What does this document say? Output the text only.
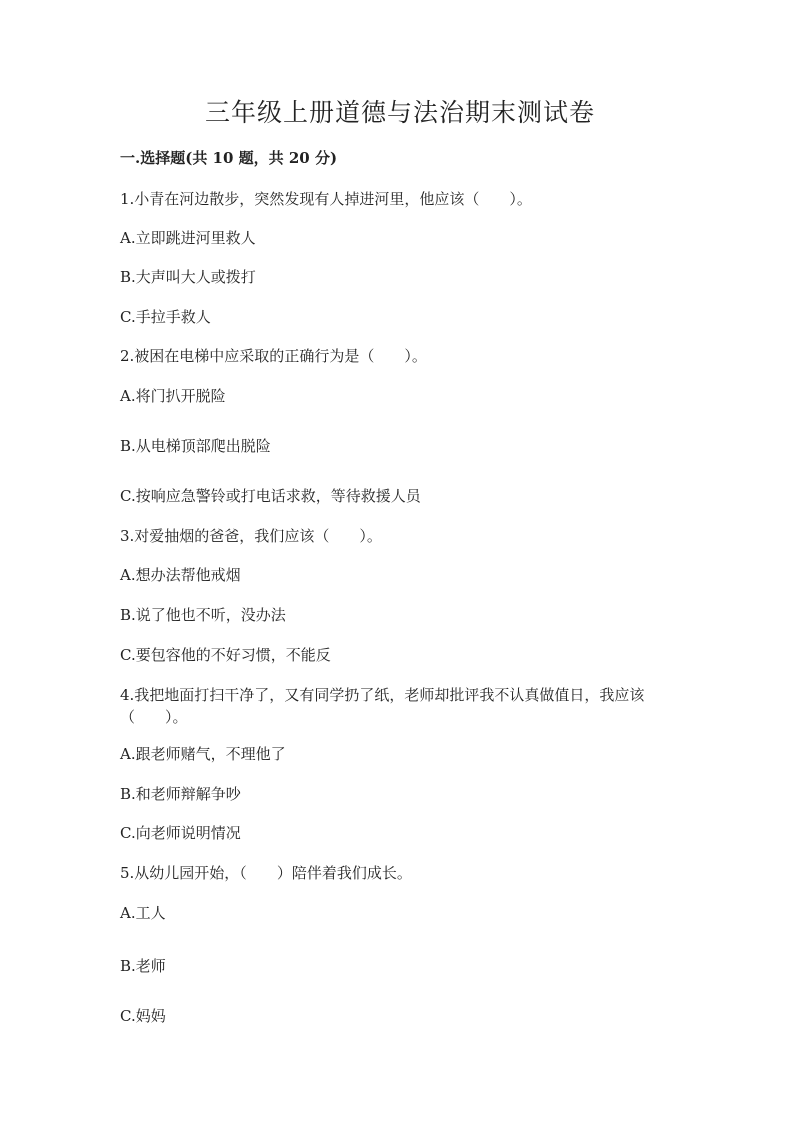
三年级上册道德与法治期末测试卷
一.选择题(共 10 题，共 20 分)
1.小青在河边散步，突然发现有人掉进河里，他应该（　　）。
A.立即跳进河里救人
B.大声叫大人或拨打
C.手拉手救人
2.被困在电梯中应采取的正确行为是（　　）。
A.将门扒开脱险
B.从电梯顶部爬出脱险
C.按响应急警铃或打电话求救，等待救援人员
3.对爱抽烟的爸爸，我们应该（　　）。
A.想办法帮他戒烟
B.说了他也不听，没办法
C.要包容他的不好习惯，不能反
4.我把地面打扫干净了，又有同学扔了纸，老师却批评我不认真做值日，我应该（　　）。
A.跟老师赌气，不理他了
B.和老师辩解争吵
C.向老师说明情况
5.从幼儿园开始，（　　）陪伴着我们成长。
A.工人
B.老师
C.妈妈
